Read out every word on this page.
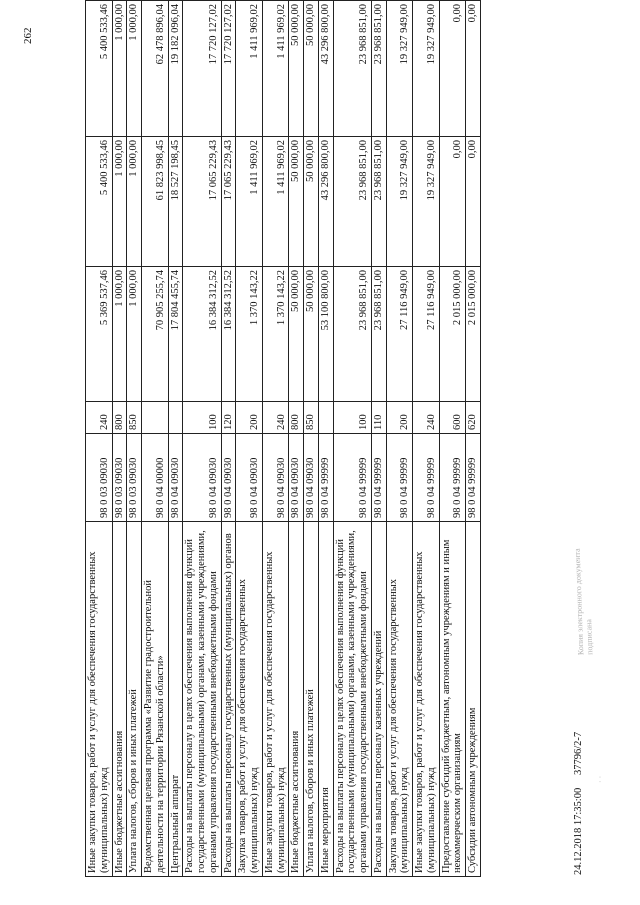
262
Иные закупки товаров, работ и услуг для обеспечения государственных (муниципальных) нужд	98 0 03 09030	240	5 369 537,46	5 400 533,46	5 400 533,46
Иные бюджетные ассигнования	98 0 03 09030	800	1 000,00	1 000,00	1 000,00
Уплата налогов, сборов и иных платежей	98 0 03 09030	850	1 000,00	1 000,00	1 000,00
Ведомственная целевая программа «Развитие градостроительной деятельности на территории Рязанской области»	98 0 04 00000		70 905 255,74	61 823 998,45	62 478 896,04
Центральный аппарат	98 0 04 09030		17 804 455,74	18 527 198,45	19 182 096,04
Расходы на выплаты персоналу в целях обеспечения выполнения функций государственными (муниципальными) органами, казенными учреждениями, органами управления государственными внебюджетными фондами	98 0 04 09030	100	16 384 312,52	17 065 229,43	17 720 127,02
Расходы на выплаты персоналу государственных (муниципальных) органов	98 0 04 09030	120	16 384 312,52	17 065 229,43	17 720 127,02
Закупка товаров, работ и услуг для обеспечения государственных (муниципальных) нужд	98 0 04 09030	200	1 370 143,22	1 411 969,02	1 411 969,02
Иные закупки товаров, работ и услуг для обеспечения государственных (муниципальных) нужд	98 0 04 09030	240	1 370 143,22	1 411 969,02	1 411 969,02
Иные бюджетные ассигнования	98 0 04 09030	800	50 000,00	50 000,00	50 000,00
Уплата налогов, сборов и иных платежей	98 0 04 09030	850	50 000,00	50 000,00	50 000,00
Иные мероприятия	98 0 04 99999		53 100 800,00	43 296 800,00	43 296 800,00
Расходы на выплаты персоналу в целях обеспечения выполнения функций государственными (муниципальными) органами, казенными учреждениями, органами управления государственными внебюджетными фондами	98 0 04 99999	100	23 968 851,00	23 968 851,00	23 968 851,00
Расходы на выплаты персоналу казенных учреждений	98 0 04 99999	110	23 968 851,00	23 968 851,00	23 968 851,00
Закупка товаров, работ и услуг для обеспечения государственных (муниципальных) нужд	98 0 04 99999	200	27 116 949,00	19 327 949,00	19 327 949,00
Иные закупки товаров, работ и услуг для обеспечения государственных (муниципальных) нужд	98 0 04 99999	240	27 116 949,00	19 327 949,00	19 327 949,00
Предоставление субсидий бюджетным, автономным учреждениям и иным некоммерческим организациям	98 0 04 99999	600	2 015 000,00	0,00	0,00
Субсидии автономным учреждениям	98 0 04 99999	620	2 015 000,00	0,00	0,00
24.12.2018 17:35:00
37796/2-7
· ·
Копия электронного документа
подписана
